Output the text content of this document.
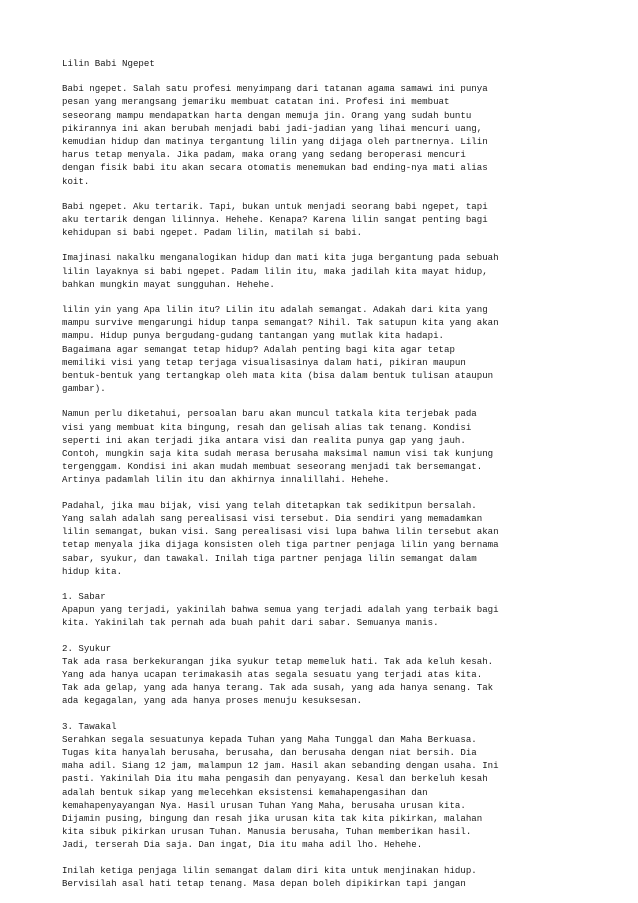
Lilin Babi Ngepet
Babi ngepet. Salah satu profesi menyimpang dari tatanan agama samawi ini punya
pesan yang merangsang jemariku membuat catatan ini. Profesi ini membuat
seseorang mampu mendapatkan harta dengan memuja jin. Orang yang sudah buntu
pikirannya ini akan berubah menjadi babi jadi-jadian yang lihai mencuri uang,
kemudian hidup dan matinya tergantung lilin yang dijaga oleh partnernya. Lilin
harus tetap menyala. Jika padam, maka orang yang sedang beroperasi mencuri
dengan fisik babi itu akan secara otomatis menemukan bad ending-nya mati alias
koit.
Babi ngepet. Aku tertarik. Tapi, bukan untuk menjadi seorang babi ngepet, tapi
aku tertarik dengan lilinnya. Hehehe. Kenapa? Karena lilin sangat penting bagi
kehidupan si babi ngepet. Padam lilin, matilah si babi.
Imajinasi nakalku menganalogikan hidup dan mati kita juga bergantung pada sebuah
lilin layaknya si babi ngepet. Padam lilin itu, maka jadilah kita mayat hidup,
bahkan mungkin mayat sungguhan. Hehehe.
lilin yin yang Apa lilin itu? Lilin itu adalah semangat. Adakah dari kita yang
mampu survive mengarungi hidup tanpa semangat? Nihil. Tak satupun kita yang akan
mampu. Hidup punya bergudang-gudang tantangan yang mutlak kita hadapi.
Bagaimana agar semangat tetap hidup? Adalah penting bagi kita agar tetap
memiliki visi yang tetap terjaga visualisasinya dalam hati, pikiran maupun
bentuk-bentuk yang tertangkap oleh mata kita (bisa dalam bentuk tulisan ataupun
gambar).
Namun perlu diketahui, persoalan baru akan muncul tatkala kita terjebak pada
visi yang membuat kita bingung, resah dan gelisah alias tak tenang. Kondisi
seperti ini akan terjadi jika antara visi dan realita punya gap yang jauh.
Contoh, mungkin saja kita sudah merasa berusaha maksimal namun visi tak kunjung
tergenggam. Kondisi ini akan mudah membuat seseorang menjadi tak bersemangat.
Artinya padamlah lilin itu dan akhirnya innalillahi. Hehehe.
Padahal, jika mau bijak, visi yang telah ditetapkan tak sedikitpun bersalah.
Yang salah adalah sang perealisasi visi tersebut. Dia sendiri yang memadamkan
lilin semangat, bukan visi. Sang perealisasi visi lupa bahwa lilin tersebut akan
tetap menyala jika dijaga konsisten oleh tiga partner penjaga lilin yang bernama
sabar, syukur, dan tawakal. Inilah tiga partner penjaga lilin semangat dalam
hidup kita.
1. Sabar
Apapun yang terjadi, yakinilah bahwa semua yang terjadi adalah yang terbaik bagi
kita. Yakinilah tak pernah ada buah pahit dari sabar. Semuanya manis.
2. Syukur
Tak ada rasa berkekurangan jika syukur tetap memeluk hati. Tak ada keluh kesah.
Yang ada hanya ucapan terimakasih atas segala sesuatu yang terjadi atas kita.
Tak ada gelap, yang ada hanya terang. Tak ada susah, yang ada hanya senang. Tak
ada kegagalan, yang ada hanya proses menuju kesuksesan.
3. Tawakal
Serahkan segala sesuatunya kepada Tuhan yang Maha Tunggal dan Maha Berkuasa.
Tugas kita hanyalah berusaha, berusaha, dan berusaha dengan niat bersih. Dia
maha adil. Siang 12 jam, malampun 12 jam. Hasil akan sebanding dengan usaha. Ini
pasti. Yakinilah Dia itu maha pengasih dan penyayang. Kesal dan berkeluh kesah
adalah bentuk sikap yang melecehkan eksistensi kemahapengasihan dan
kemahapenyayangan Nya. Hasil urusan Tuhan Yang Maha, berusaha urusan kita.
Dijamin pusing, bingung dan resah jika urusan kita tak kita pikirkan, malahan
kita sibuk pikirkan urusan Tuhan. Manusia berusaha, Tuhan memberikan hasil.
Jadi, terserah Dia saja. Dan ingat, Dia itu maha adil lho. Hehehe.
Inilah ketiga penjaga lilin semangat dalam diri kita untuk menjinakan hidup.
Bervisilah asal hati tetap tenang. Masa depan boleh dipikirkan tapi jangan
